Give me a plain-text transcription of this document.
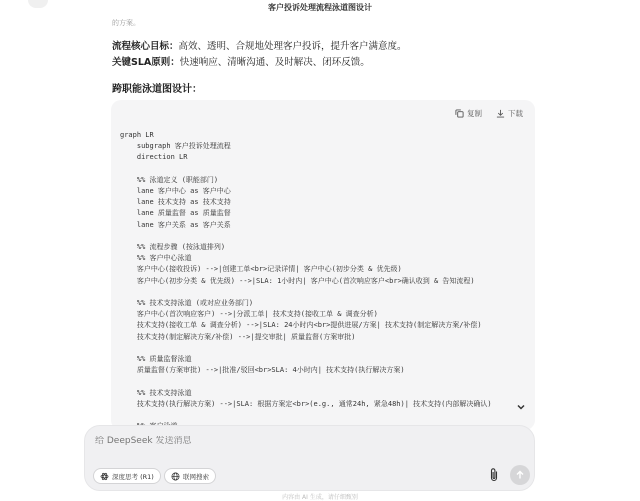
客户投诉处理流程泳道图设计
的方案。
流程核心目标：高效、透明、合规地处理客户投诉，提升客户满意度。
关键SLA原则：快速响应、清晰沟通、及时解决、闭环反馈。
跨职能泳道图设计：
复制	下载
graph LR
subgraph 客户投诉处理流程
direction LR

%% 泳道定义 (职能部门)
lane 客户中心 as 客户中心
lane 技术支持 as 技术支持
lane 质量监督 as 质量监督
lane 客户关系 as 客户关系

%% 流程步骤 (按泳道排列)
%% 客户中心泳道
客户中心(接收投诉) -->|创建工单<br>记录详情| 客户中心(初步分类 & 优先级)
客户中心(初步分类 & 优先级) -->|SLA: 1小时内| 客户中心(首次响应客户<br>确认收到 & 告知流程)

%% 技术支持泳道 (或对应业务部门)
客户中心(首次响应客户) -->|分派工单| 技术支持(接收工单 & 调查分析)
技术支持(接收工单 & 调查分析) -->|SLA: 24小时内<br>提供进展/方案| 技术支持(制定解决方案/补偿)
技术支持(制定解决方案/补偿) -->|提交审批| 质量监督(方案审批)

%% 质量监督泳道
质量监督(方案审批) -->|批准/驳回<br>SLA: 4小时内| 技术支持(执行解决方案)

%% 技术支持泳道
技术支持(执行解决方案) -->|SLA: 根据方案定<br>(e.g., 通常24h, 紧急48h)| 技术支持(内部解决确认)

给 DeepSeek 发送消息
深度思考 (R1)	联网搜索
内容由 AI 生成，请仔细甄别
